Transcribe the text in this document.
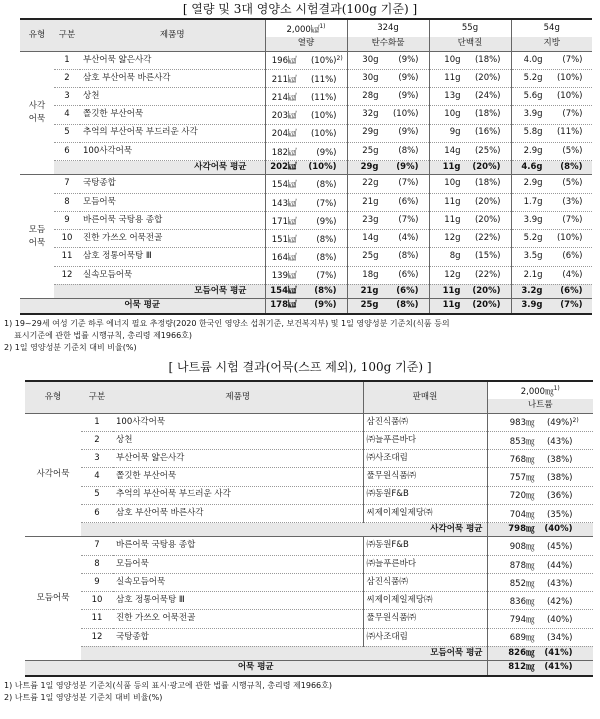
[ 열량 및 3대 영양소 시험결과(100g 기준) ]

유형	구분	제품명	2,000㎉$^{1)}$	324g	55g	54g
			열량	탄수화물	단백질	지방
사각
어묵	1	부산어묵 얇은사각	196㎉ $(10\%)^{2)}$	30g (9%)	10g (18%)	4.0g (7%)
	2	삼호 부산어묵 바른사각	211㎉ (11%)	30g (9%)	11g (20%)	5.2g (10%)
	3	상천	214㎉ (11%)	28g (9%)	13g (24%)	5.6g (10%)
	4	쫄깃한 부산어묵	203㎉ (10%)	32g (10%)	10g (18%)	3.9g (7%)
	5	추억의 부산어묵 부드러운 사각	204㎉ (10%)	29g (9%)	9g (16%)	5.8g (11%)
	6	100사각어묵	182㎉ (9%)	25g (8%)	14g (25%)	2.9g (5%)
	사각어묵 평균		202㎉ (10%)	29g (9%)	11g (20%)	4.6g (8%)
모듬
어묵	7	국탕종합	154㎉ (8%)	22g (7%)	10g (18%)	2.9g (5%)
	8	모듬어묵	143㎉ (7%)	21g (6%)	11g (20%)	1.7g (3%)
	9	바른어묵 국탕용 종합	171㎉ (9%)	23g (7%)	11g (20%)	3.9g (7%)
	10	진한 가쓰오 어묵전골	151㎉ (8%)	14g (4%)	12g (22%)	5.2g (10%)
	11	삼호 정통어묵탕 Ⅲ	164㎉ (8%)	25g (8%)	8g (15%)	3.5g (6%)
	12	실속모듬어묵	139㎉ (7%)	18g (6%)	12g (22%)	2.1g (4%)
	모듬어묵 평균		154㎉ (8%)	21g (6%)	11g (20%)	3.2g (6%)
어묵 평균			178㎉ (9%)	25g (8%)	11g (20%)	3.9g (7%)
1) 19~29세 여성 기준 하루 에너지 필요 추정량(2020 한국인 영양소 섭취기준, 보건복지부) 및 1일 영양성분 기준치(식품 등의
표시기준에 관한 법률 시행규칙, 총리령 제1966호)
2) 1일 영양성분 기준치 대비 비율(%)

[ 나트륨 시험 결과(어묵(스프 제외), 100g 기준) ]

유형	구분	제품명	판매원	2,000㎎$^{1)}$
				나트륨
사각어묵	1	100사각어묵	삼진식품㈜	983㎎ $(49\%)^{2)}$
	2	상천	㈜늘푸른바다	853㎎ (43%)
	3	부산어묵 얇은사각	㈜사조대림	768㎎ (38%)
	4	쫄깃한 부산어묵	풀무원식품㈜	757㎎ (38%)
	5	추억의 부산어묵 부드러운 사각	㈜동원F&B	720㎎ (36%)
	6	삼호 부산어묵 바른사각	씨제이제일제당㈜	704㎎ (35%)
	사각어묵 평균			798㎎ (40%)
모듬어묵	7	바른어묵 국탕용 종합	㈜동원F&B	908㎎ (45%)
	8	모듬어묵	㈜늘푸른바다	878㎎ (44%)
	9	실속모듬어묵	삼진식품㈜	852㎎ (43%)
	10	삼호 정통어묵탕 Ⅲ	씨제이제일제당㈜	836㎎ (42%)
	11	진한 가쓰오 어묵전골	풀무원식품㈜	794㎎ (40%)
	12	국탕종합	㈜사조대림	689㎎ (34%)
	모듬어묵 평균			826㎎ (41%)
어묵 평균				812㎎ (41%)
1) 나트륨 1일 영양성분 기준치(식품 등의 표시·광고에 관한 법률 시행규칙, 총리령 제1966호)
2) 나트륨 1일 영양성분 기준치 대비 비율(%)
